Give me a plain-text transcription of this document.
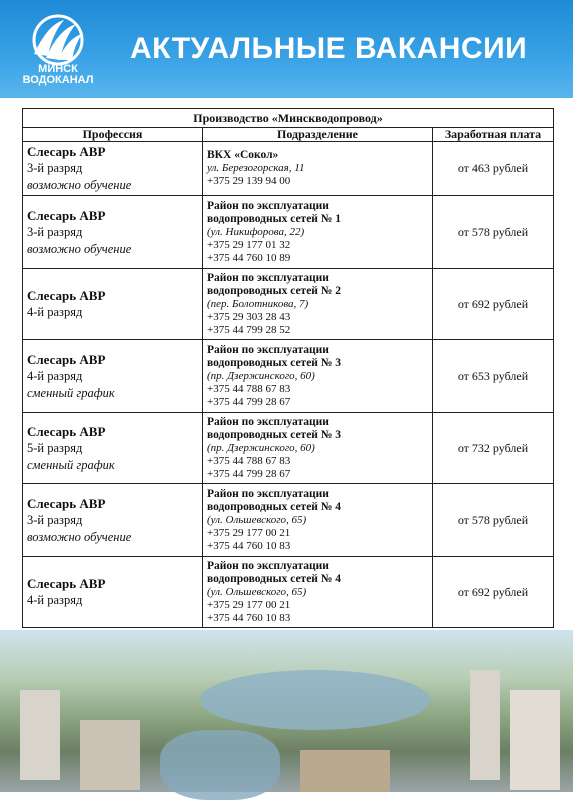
МИНСК
ВОДОКАНАЛ
АКТУАЛЬНЫЕ ВАКАНСИИ
Производство «Минскводопровод»		
Профессия	Подразделение	Заработная плата

Слесарь АВР
3-й разряд
возможно обучение	ВКХ «Сокол»
ул. Березогорская, 11
+375 29 139 94 00	от 463 рублей

Слесарь АВР
3-й разряд
возможно обучение	Район по эксплуатации
водопроводных сетей № 1
(ул. Никифорова, 22)
+375 29 177 01 32
+375 44 760 10 89	от 578 рублей

Слесарь АВР
4-й разряд	Район по эксплуатации
водопроводных сетей № 2
(пер. Болотникова, 7)
+375 29 303 28 43
+375 44 799 28 52	от 692 рублей

Слесарь АВР
4-й разряд
сменный график	Район по эксплуатации
водопроводных сетей № 3
(пр. Дзержинского, 60)
+375 44 788 67 83
+375 44 799 28 67	от 653 рублей

Слесарь АВР
5-й разряд
сменный график	Район по эксплуатации
водопроводных сетей № 3
(пр. Дзержинского, 60)
+375 44 788 67 83
+375 44 799 28 67	от 732 рублей

Слесарь АВР
3-й разряд
возможно обучение	Район по эксплуатации
водопроводных сетей № 4
(ул. Ольшевского, 65)
+375 29 177 00 21
+375 44 760 10 83	от 578 рублей

Слесарь АВР
4-й разряд	Район по эксплуатации
водопроводных сетей № 4
(ул. Ольшевского, 65)
+375 29 177 00 21
+375 44 760 10 83	от 692 рублей
